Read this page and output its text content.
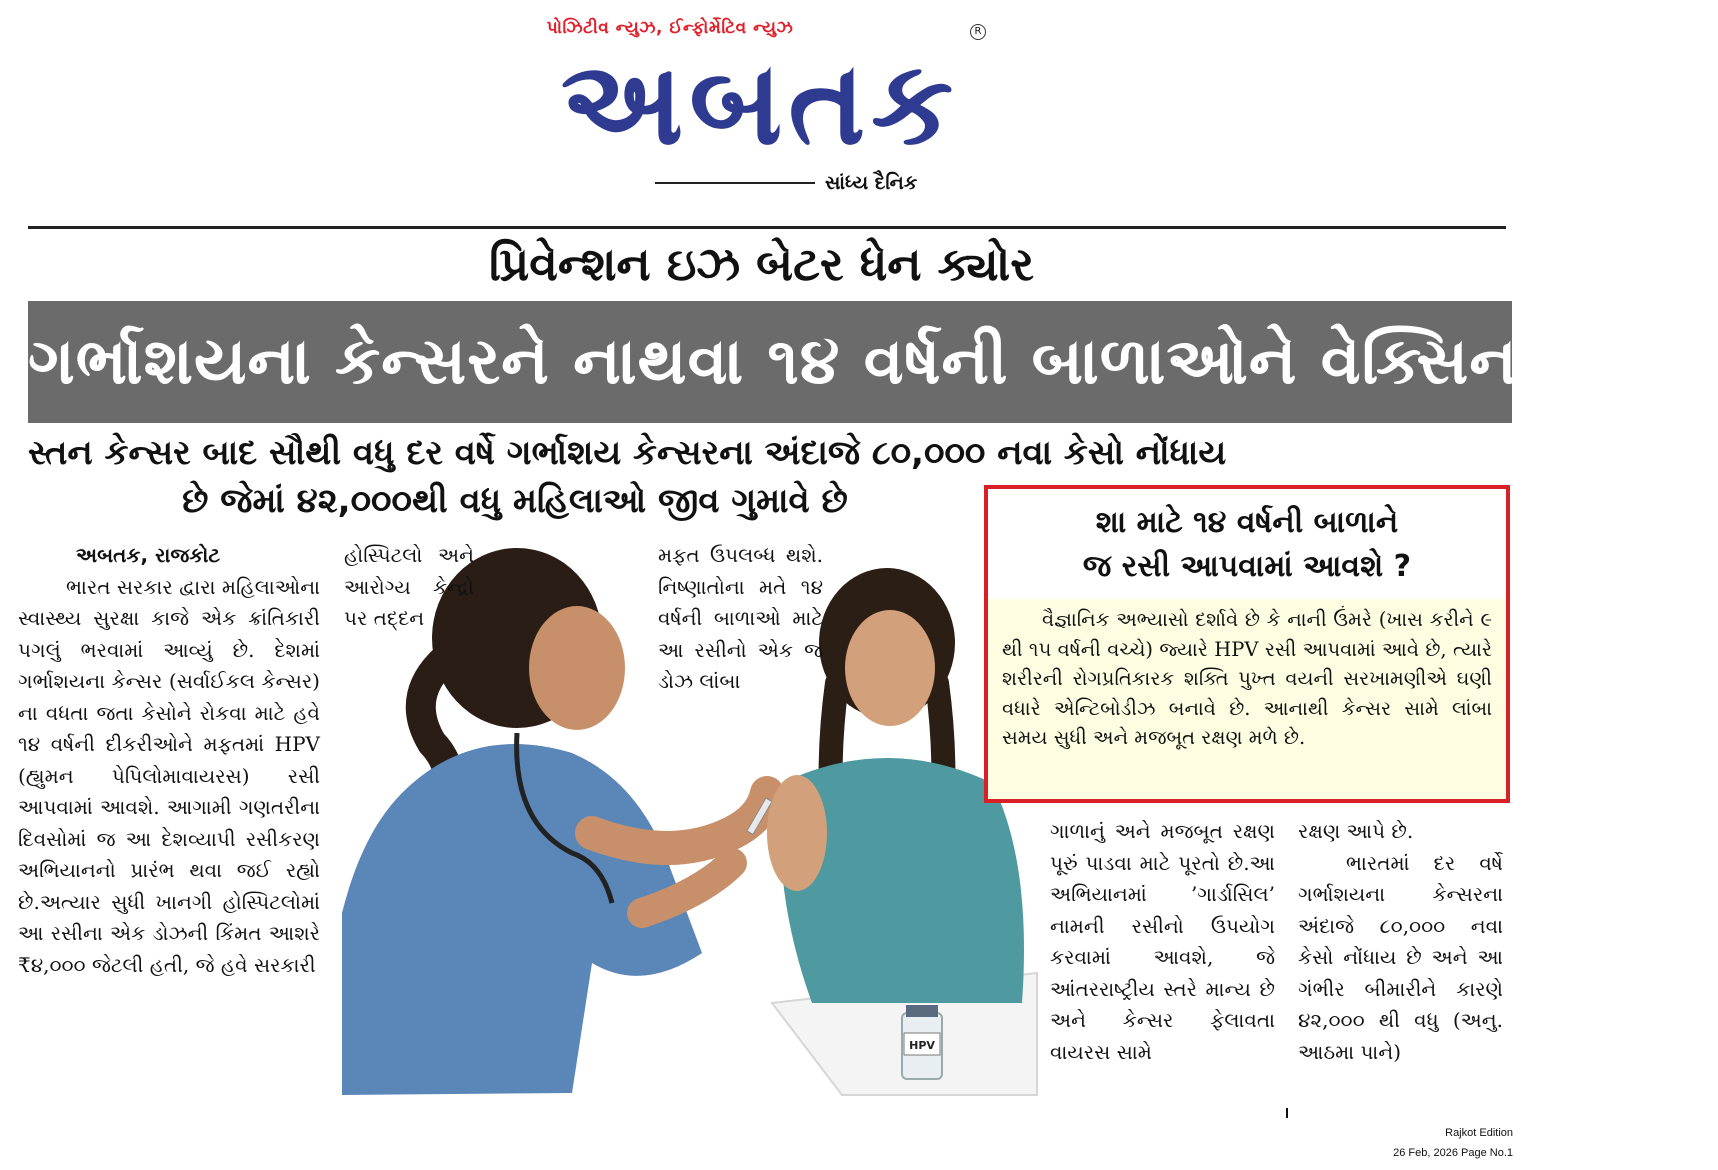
પોઝિટીવ ન્યુઝ, ઈન્ફોર્મેટિવ ન્યુઝ	R
અબતક
સાંધ્ય દૈનિક
પ્રિવેન્શન ઇઝ બેટર ધેન ક્યોર
ગર્ભાશયના કેન્સરને નાથવા ૧૪ વર્ષની બાળાઓને વેક્સિન અપાશે
સ્તન કેન્સર બાદ સૌથી વધુ દર વર્ષે ગર્ભાશય કેન્સરના અંદાજે ૮૦,૦૦૦ નવા કેસો નોંધાય
છે જેમાં ૪૨,૦૦૦થી વધુ મહિલાઓ જીવ ગુમાવે છે
અબતક, રાજકોટ
ભારત સરકાર દ્વારા મહિલાઓના સ્વાસ્થ્ય સુરક્ષા કાજે એક ક્રાંતિકારી પગલું ભરવામાં આવ્યું છે. દેશમાં ગર્ભાશયના કેન્સર (સર્વાઈકલ કેન્સર) ના વધતા જતા કેસોને રોકવા માટે હવે ૧૪ વર્ષની દીકરીઓને મફતમાં HPV (હ્યુમન પેપિલોમાવાયરસ) રસી આપવામાં આવશે. આગામી ગણતરીના દિવસોમાં જ આ દેશવ્યાપી રસીકરણ અભિયાનનો પ્રારંભ થવા જઈ રહ્યો છે.અત્યાર સુધી ખાનગી હોસ્પિટલોમાં આ રસીના એક ડોઝની કિંમત આશરે ₹૪,૦૦૦ જેટલી હતી, જે હવે સરકારી
HPV
હોસ્પિટલો અને આરોગ્ય કેન્દ્રો પર તદ્દન
મફત ઉપલબ્ધ થશે. નિષ્ણાતોના મતે ૧૪ વર્ષની બાળાઓ માટે આ રસીનો એક જ ડોઝ લાંબા
શા માટે ૧૪ વર્ષની બાળાને
જ રસી આપવામાં આવશે ?
વૈજ્ઞાનિક અભ્યાસો દર્શાવે છે કે નાની ઉંમરે (ખાસ કરીને ૯ થી ૧૫ વર્ષની વચ્ચે) જ્યારે HPV રસી આપવામાં આવે છે, ત્યારે શરીરની રોગપ્રતિકારક શક્તિ પુખ્ત વયની સરખામણીએ ઘણી વધારે એન્ટિબોડીઝ બનાવે છે. આનાથી કેન્સર સામે લાંબા સમય સુધી અને મજબૂત રક્ષણ મળે છે.
ગાળાનું અને મજબૂત રક્ષણ પૂરું પાડવા માટે પૂરતો છે.આ અભિયાનમાં ’ગાર્ડાસિલ’ નામની રસીનો ઉપયોગ કરવામાં આવશે, જે આંતરરાષ્ટ્રીય સ્તરે માન્ય છે અને કેન્સર ફેલાવતા વાયરસ સામે
રક્ષણ આપે છે.
ભારતમાં દર વર્ષે ગર્ભાશયના કેન્સરના અંદાજે ૮૦,૦૦૦ નવા કેસો નોંધાય છે અને આ ગંભીર બીમારીને કારણે ૪૨,૦૦૦ થી વધુ (અનુ. આઠમા પાને)
Rajkot Edition
26 Feb, 2026 Page No.1
